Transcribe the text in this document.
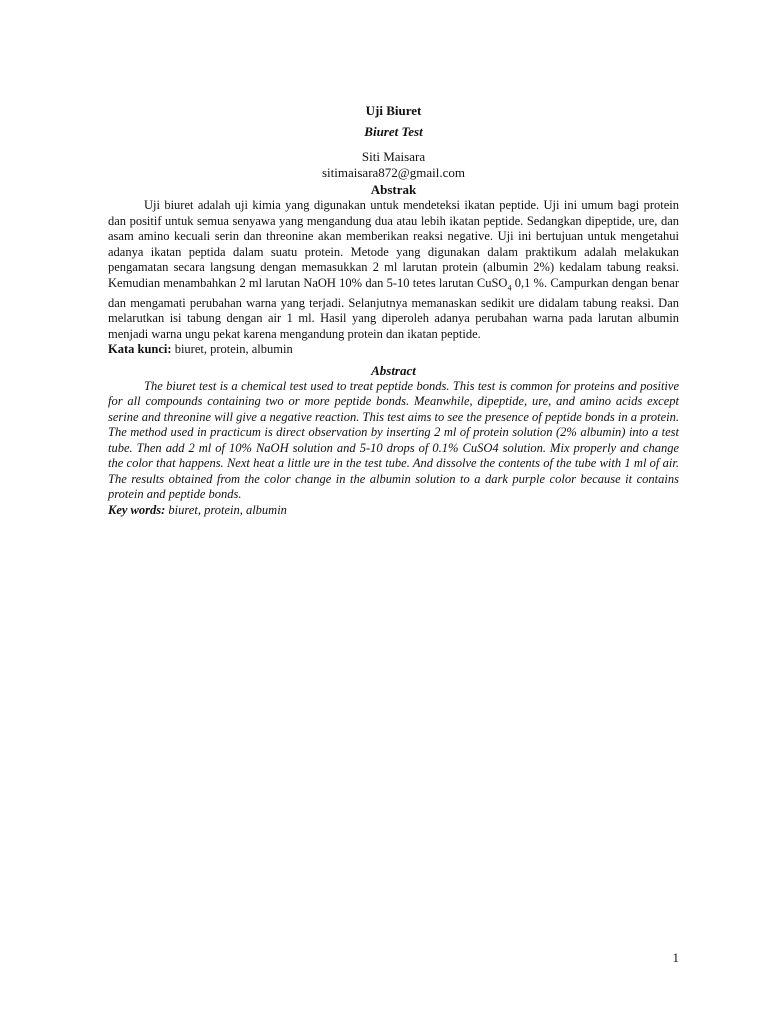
Uji Biuret

Biuret Test

Siti Maisara

sitimaisara872@gmail.com

Abstrak

Uji biuret adalah uji kimia yang digunakan untuk mendeteksi ikatan peptide. Uji ini umum bagi protein dan positif untuk semua senyawa yang mengandung dua atau lebih ikatan peptide. Sedangkan dipeptide, ure, dan asam amino kecuali serin dan threonine akan memberikan reaksi negative. Uji ini bertujuan untuk mengetahui adanya ikatan peptida dalam suatu protein. Metode yang digunakan dalam praktikum adalah melakukan pengamatan secara langsung dengan memasukkan 2 ml larutan protein (albumin 2%) kedalam tabung reaksi. Kemudian menambahkan 2 ml larutan NaOH 10% dan 5-10 tetes larutan CuSO$_4$ 0,1 %. Campurkan dengan benar dan mengamati perubahan warna yang terjadi. Selanjutnya memanaskan sedikit ure didalam tabung reaksi. Dan melarutkan isi tabung dengan air 1 ml. Hasil yang diperoleh adanya perubahan warna pada larutan albumin menjadi warna ungu pekat karena mengandung protein dan ikatan peptide.

Kata kunci: biuret, protein, albumin

Abstract

The biuret test is a chemical test used to treat peptide bonds. This test is common for proteins and positive for all compounds containing two or more peptide bonds. Meanwhile, dipeptide, ure, and amino acids except serine and threonine will give a negative reaction. This test aims to see the presence of peptide bonds in a protein. The method used in practicum is direct observation by inserting 2 ml of protein solution (2% albumin) into a test tube. Then add 2 ml of 10% NaOH solution and 5-10 drops of 0.1% CuSO4 solution. Mix properly and change the color that happens. Next heat a little ure in the test tube. And dissolve the contents of the tube with 1 ml of air. The results obtained from the color change in the albumin solution to a dark purple color because it contains protein and peptide bonds.

Key words: biuret, protein, albumin

1
